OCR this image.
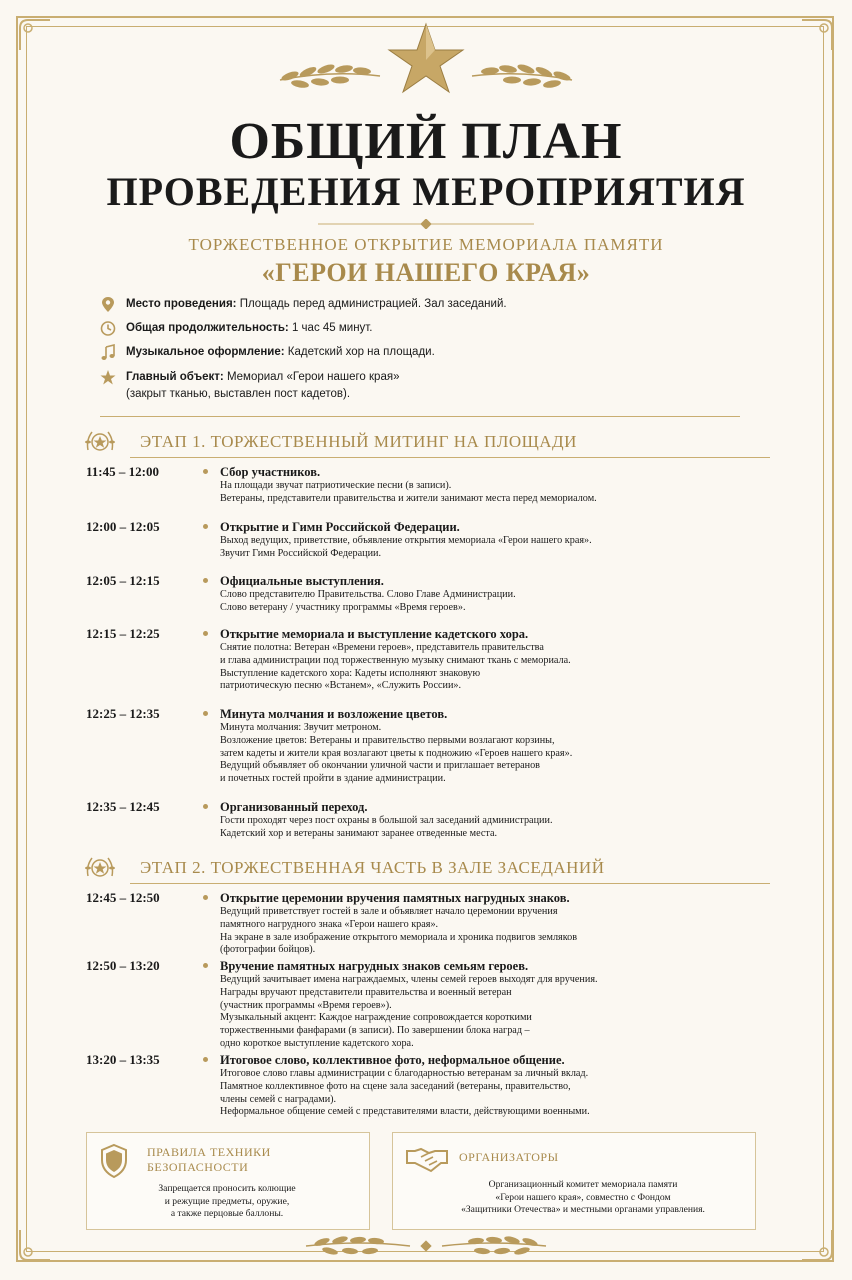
ОБЩИЙ ПЛАН
ПРОВЕДЕНИЯ МЕРОПРИЯТИЯ
ТОРЖЕСТВЕННОЕ ОТКРЫТИЕ МЕМОРИАЛА ПАМЯТИ
«ГЕРОИ НАШЕГО КРАЯ»
Место проведения: Площадь перед администрацией. Зал заседаний.
Общая продолжительность: 1 час 45 минут.
Музыкальное оформление: Кадетский хор на площади.
Главный объект: Мемориал «Герои нашего края»
(закрыт тканью, выставлен пост кадетов).
ЭТАП 1. ТОРЖЕСТВЕННЫЙ МИТИНГ НА ПЛОЩАДИ
11:45 – 12:00	Сбор участников.
На площади звучат патриотические песни (в записи).
Ветераны, представители правительства и жители занимают места перед мемориалом.
12:00 – 12:05	Открытие и Гимн Российской Федерации.
Выход ведущих, приветствие, объявление открытия мемориала «Герои нашего края».
Звучит Гимн Российской Федерации.
12:05 – 12:15	Официальные выступления.
Слово представителю Правительства. Слово Главе Администрации.
Слово ветерану / участнику программы «Время героев».
12:15 – 12:25	Открытие мемориала и выступление кадетского хора.
Снятие полотна: Ветеран «Времени героев», представитель правительства
и глава администрации под торжественную музыку снимают ткань с мемориала.
Выступление кадетского хора: Кадеты исполняют знаковую
патриотическую песню «Встанем», «Служить России».
12:25 – 12:35	Минута молчания и возложение цветов.
Минута молчания: Звучит метроном.
Возложение цветов: Ветераны и правительство первыми возлагают корзины,
затем кадеты и жители края возлагают цветы к подножию «Героев нашего края».
Ведущий объявляет об окончании уличной части и приглашает ветеранов
и почетных гостей пройти в здание администрации.
12:35 – 12:45	Организованный переход.
Гости проходят через пост охраны в большой зал заседаний администрации.
Кадетский хор и ветераны занимают заранее отведенные места.
ЭТАП 2. ТОРЖЕСТВЕННАЯ ЧАСТЬ В ЗАЛЕ ЗАСЕДАНИЙ
12:45 – 12:50	Открытие церемонии вручения памятных нагрудных знаков.
Ведущий приветствует гостей в зале и объявляет начало церемонии вручения
памятного нагрудного знака «Герои нашего края».
На экране в зале изображение открытого мемориала и хроника подвигов земляков
(фотографии бойцов).
12:50 – 13:20	Вручение памятных нагрудных знаков семьям героев.
Ведущий зачитывает имена награждаемых, члены семей героев выходят для вручения.
Награды вручают представители правительства и военный ветеран
(участник программы «Время героев»).
Музыкальный акцент: Каждое награждение сопровождается короткими
торжественными фанфарами (в записи). По завершении блока наград –
одно короткое выступление кадетского хора.
13:20 – 13:35	Итоговое слово, коллективное фото, неформальное общение.
Итоговое слово главы администрации с благодарностью ветеранам за личный вклад.
Памятное коллективное фото на сцене зала заседаний (ветераны, правительство,
члены семей с наградами).
Неформальное общение семей с представителями власти, действующими военными.
ПРАВИЛА ТЕХНИКИ
БЕЗОПАСНОСТИ
Запрещается проносить колющие
и режущие предметы, оружие,
а также перцовые баллоны.
ОРГАНИЗАТОРЫ
Организационный комитет мемориала памяти
«Герои нашего края», совместно с Фондом
«Защитники Отечества» и местными органами управления.
